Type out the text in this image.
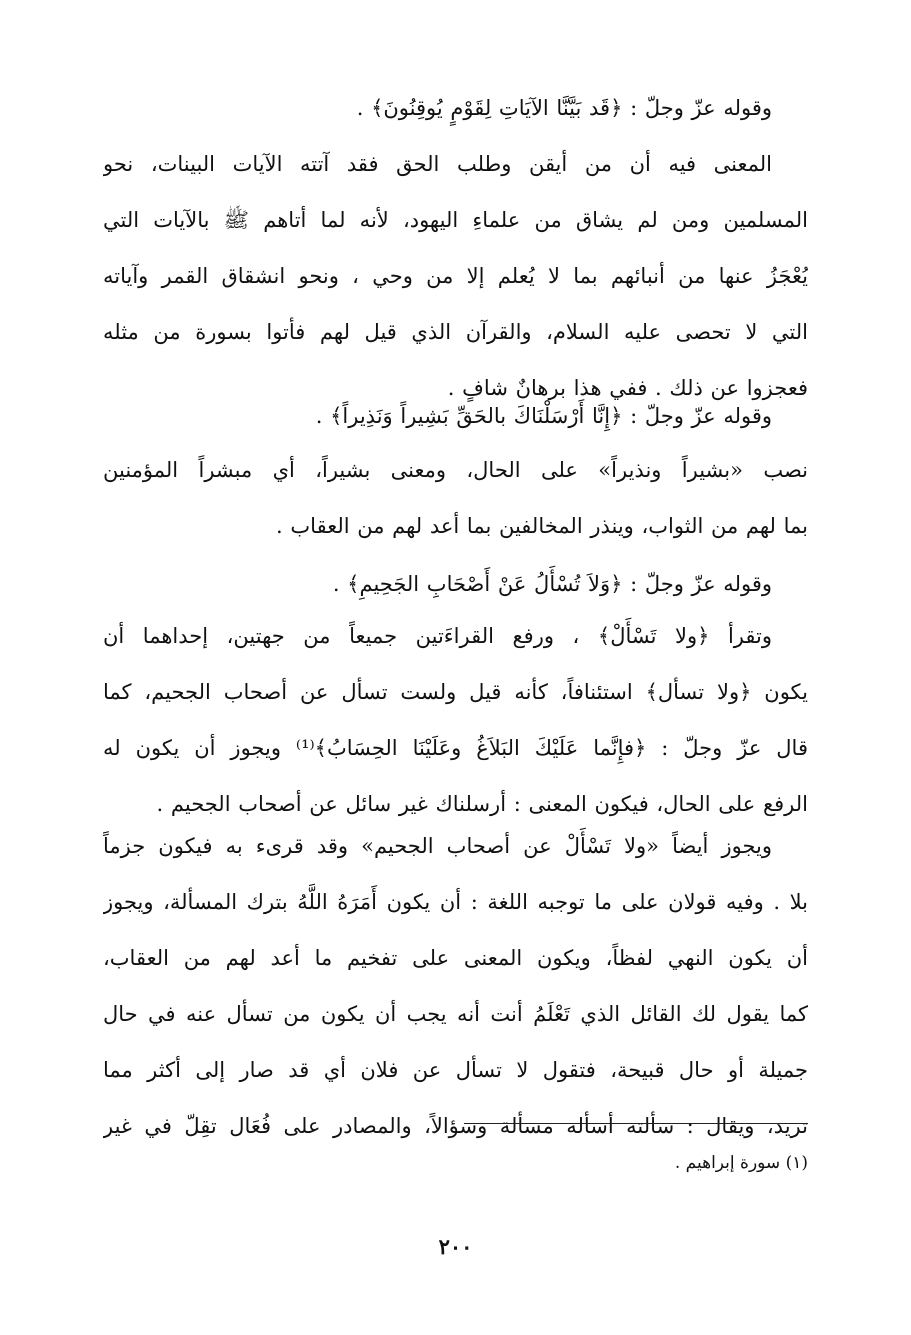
وقوله عزّ وجلّ : ﴿قَد بَيَّنَّا الآيَاتِ لِقَوْمٍ يُوقِنُونَ﴾ .
المعنى فيه أن من أيقن وطلب الحق فقد آتته الآيات البينات، نحو
المسلمين ومن لم يشاق من علماءِ اليهود، لأنه لما أتاهم ﷺ بالآيات التي
يُعْجَزُ عنها من أنبائهم بما لا يُعلم إلا من وحي ، ونحو انشقاق القمر وآياته
التي لا تحصى عليه السلام، والقرآن الذي قيل لهم فأتوا بسورة من مثله
فعجزوا عن ذلك . ففي هذا برهانٌ شافٍ .
وقوله عزّ وجلّ : ﴿إِنَّا أَرْسَلْنَاكَ بالحَقِّ بَشِيراً وَنَذِيراً﴾ .
نصب «بشيراً ونذيراً» على الحال، ومعنى بشيراً، أي مبشراً المؤمنين
بما لهم من الثواب، وينذر المخالفين بما أعد لهم من العقاب .
وقوله عزّ وجلّ : ﴿وَلاَ تُسْأَلُ عَنْ أَصْحَابِ الجَحِيمِ﴾ .
وتقرأ ﴿ولا تَسْأَلْ﴾ ، ورفع القراءَتين جميعاً من جهتين، إحداهما أن
يكون ﴿ولا تسأل﴾ استئنافاً، كأنه قيل ولست تسأل عن أصحاب الجحيم، كما
قال عزّ وجلّ : ﴿فإِنَّما عَلَيْكَ البَلاَغُ وعَلَيْنَا الحِسَابُ﴾⁽¹⁾ ويجوز أن يكون له
الرفع على الحال، فيكون المعنى : أرسلناك غير سائل عن أصحاب الجحيم .
ويجوز أيضاً «ولا تَسْأَلْ عن أصحاب الجحيم» وقد قرىء به فيكون جزماً
بلا . وفيه قولان على ما توجبه اللغة : أن يكون أَمَرَهُ اللَّهُ بترك المسألة، ويجوز
أن يكون النهي لفظاً، ويكون المعنى على تفخيم ما أعد لهم من العقاب،
كما يقول لك القائل الذي تَعْلَمُ أنت أنه يجب أن يكون من تسأل عنه في حال
جميلة أو حال قبيحة، فتقول لا تسأل عن فلان أي قد صار إلى أكثر مما
تريد، ويقال : سألته أسأله مسألة وسؤالاً، والمصادر على فُعَال تقِلّ في غير
(١) سورة إبراهيم .
٢٠٠
